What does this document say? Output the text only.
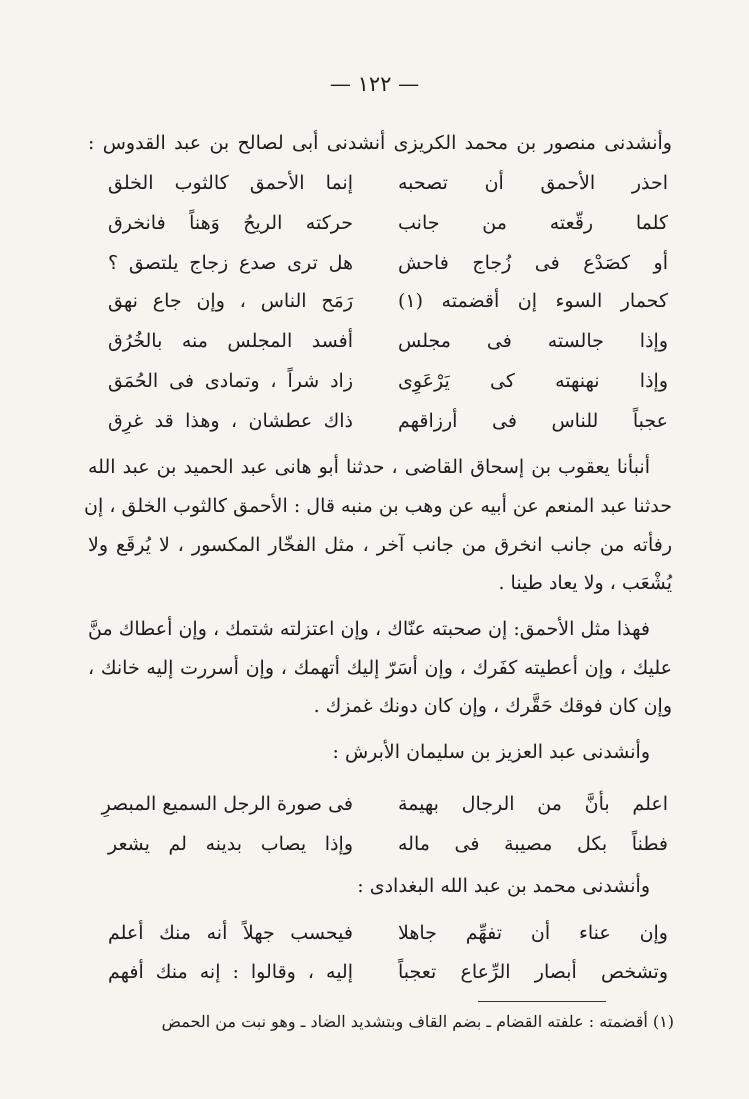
— ١٢٢ —
وأنشدنى منصور بن محمد الكريزى أنشدنى أبى لصالح بن عبد القدوس :
احذر الأحمق أن تصحبه
إنما الأحمق كالثوب الخلق
كلما رقّعته من جانب
حركته الريحُ وَهناً فانخرق
أو كصَدْع فى زُجاج فاحش
هل ترى صدع زجاج يلتصق ؟
كحمار السوء إن أقضمته (١)
رَمَح الناس ، وإن جاع نهق
وإذا جالسته فى مجلس
أفسد المجلس منه بالخُرُق
وإذا نهنهته كى يَرْعَوِى
زاد شراً ، وتمادى فى الحُمَق
عجباً للناس فى أرزاقهم
ذاك عطشان ، وهذا قد غرِق
أنبأنا يعقوب بن إسحاق القاضى ، حدثنا أبو هانى عبد الحميد بن عبد الله
حدثنا عبد المنعم عن أبيه عن وهب بن منبه قال : الأحمق كالثوب الخلق ، إن
رفأته من جانب انخرق من جانب آخر ، مثل الفخّار المكسور ، لا يُرقَع ولا
يُشْعَب ، ولا يعاد طينا .
فهذا مثل الأحمق: إن صحبته عنّاك ، وإن اعتزلته شتمك ، وإن أعطاك منَّ
عليك ، وإن أعطيته كفَرك ، وإن أسَرّ إليك أتهمك ، وإن أسررت إليه خانك ،
وإن كان فوقك حَقَّرك ، وإن كان دونك غمزك .
وأنشدنى عبد العزيز بن سليمان الأبرش :
اعلم بأنَّ من الرجال بهيمة
فى صورة الرجل السميع المبصرِ
فطناً بكل مصيبة فى ماله
وإذا يصاب بدينه لم يشعر
وأنشدنى محمد بن عبد الله البغدادى :
وإن عناء أن تفهِّم جاهلا
فيحسب جهلاً أنه منك أعلم
وتشخص أبصار الرِّعاع تعجباً
إليه ، وقالوا : إنه منك أفهم
(١) أقضمته : علفته القضام ـ بضم القاف وبتشديد الضاد ـ وهو نبت من الحمض
